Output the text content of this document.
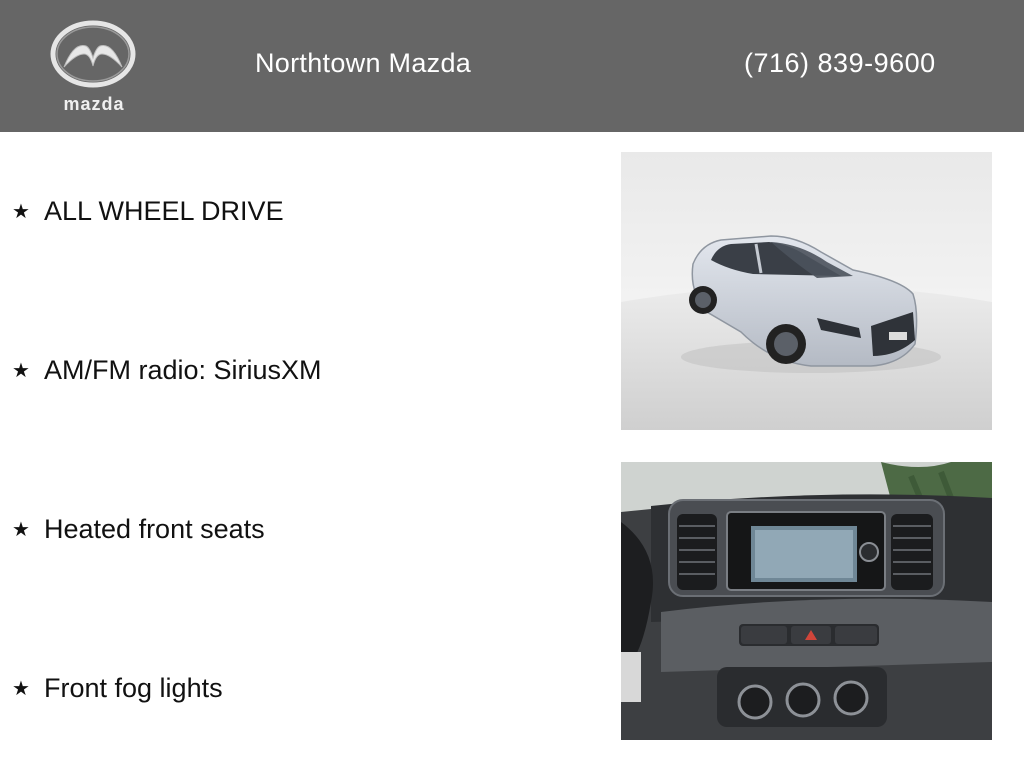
mazda
Northtown Mazda	(716) 839-9600
★ ALL WHEEL DRIVE
★ AM/FM radio: SiriusXM
★ Heated front seats
★ Front fog lights
